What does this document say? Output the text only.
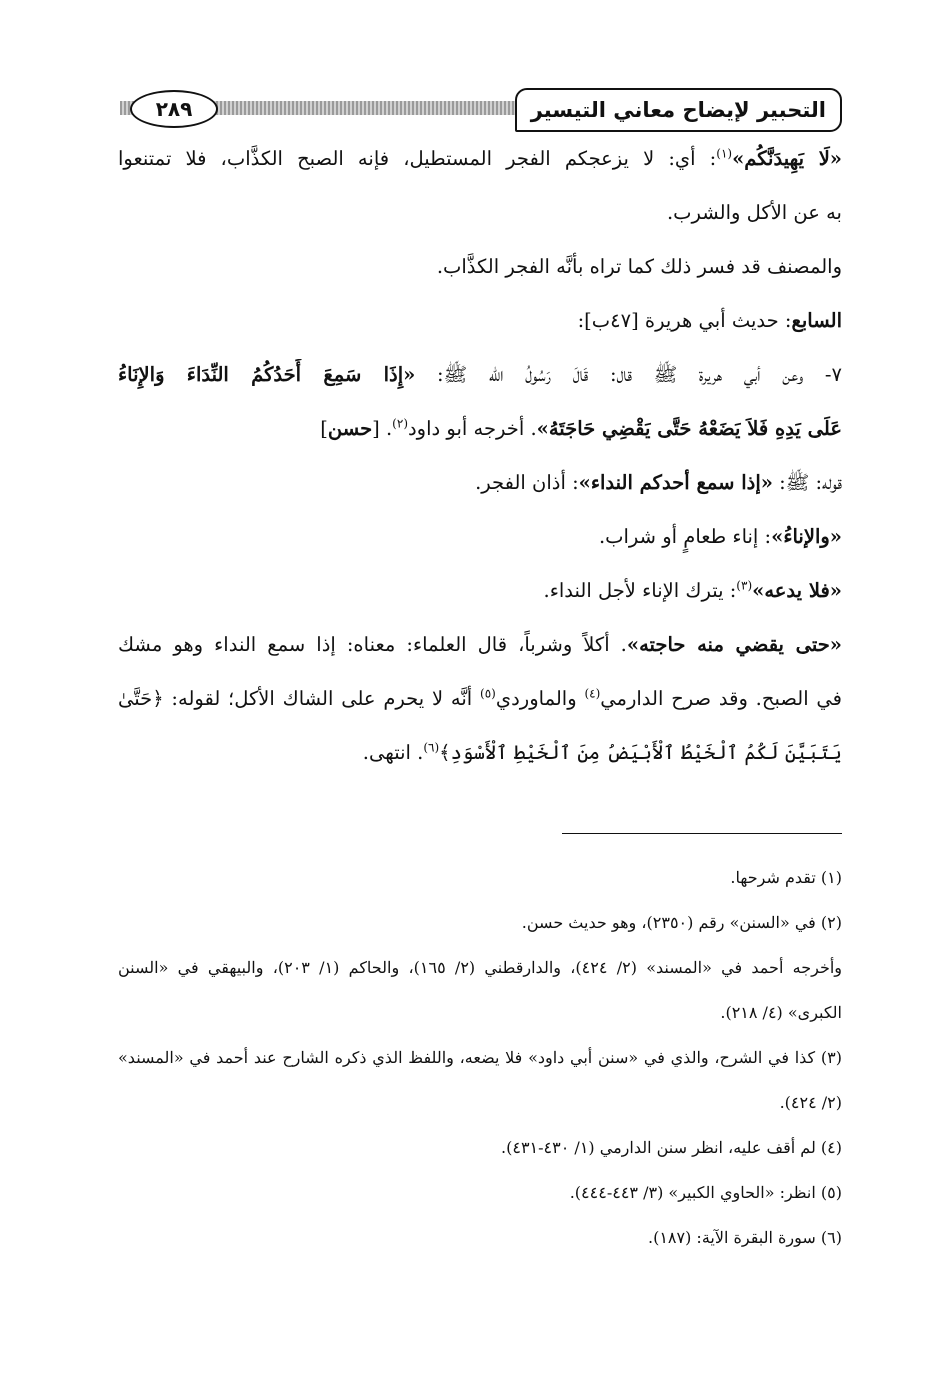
التحبير لإيضاح معاني التيسير
٢٨٩
«لَا يَهِيدَنَّكُم»$^{(١)}$: أي: لا يزعجكم الفجر المستطيل، فإنه الصبح الكذَّاب، فلا تمتنعوا
به عن الأكل والشرب.
والمصنف قد فسر ذلك كما تراه بأنَّه الفجر الكذَّاب.
السابع: حديث أبي هريرة [٤٧ب]:
٧- وعن أبي هريرة ﷺ قال: قَالَ رَسُولُ الله ﷺ: «إِذَا سَمِعَ أَحَدُكُمُ النِّدَاءَ وَالإِنَاءُ
عَلَى يَدِهِ فَلاَ يَضَعْهُ حَتَّى يَقْضِي حَاجَتَهُ». أخرجه أبو داود$^{(٢)}$. [حسن]
قوله: ﷺ: «إذا سمع أحدكم النداء»: أذان الفجر.
«والإناءُ»: إناء طعامٍ أو شراب.
«فلا يدعه»$^{(٣)}$: يترك الإناء لأجل النداء.
«حتى يقضي منه حاجته». أكلاً وشرباً، قال العلماء: معناه: إذا سمع النداء وهو مشك
في الصبح. وقد صرح الدارمي$^{(٤)}$ والماوردي$^{(٥)}$ أنَّه لا يحرم على الشاك الأكل؛ لقوله: ﴿حَتَّىٰ
يَتَبَيَّنَ لَكُمُ ٱلْخَيْطُ ٱلْأَبْيَضُ مِنَ ٱلْخَيْطِ ٱلْأَسْوَدِ﴾$^{(٦)}$. انتهى.
(١) تقدم شرحها.
(٢) في «السنن» رقم (٢٣٥٠)، وهو حديث حسن.
وأخرجه أحمد في «المسند» (٢/ ٤٢٤)، والدارقطني (٢/ ١٦٥)، والحاكم (١/ ٢٠٣)، والبيهقي في «السنن
الكبرى» (٤/ ٢١٨).
(٣) كذا في الشرح، والذي في «سنن أبي داود» فلا يضعه، واللفظ الذي ذكره الشارح عند أحمد في «المسند»
(٢/ ٤٢٤).
(٤) لم أقف عليه، انظر سنن الدارمي (١/ ٤٣٠-٤٣١).
(٥) انظر: «الحاوي الكبير» (٣/ ٤٤٣-٤٤٤).
(٦) سورة البقرة الآية: (١٨٧).
